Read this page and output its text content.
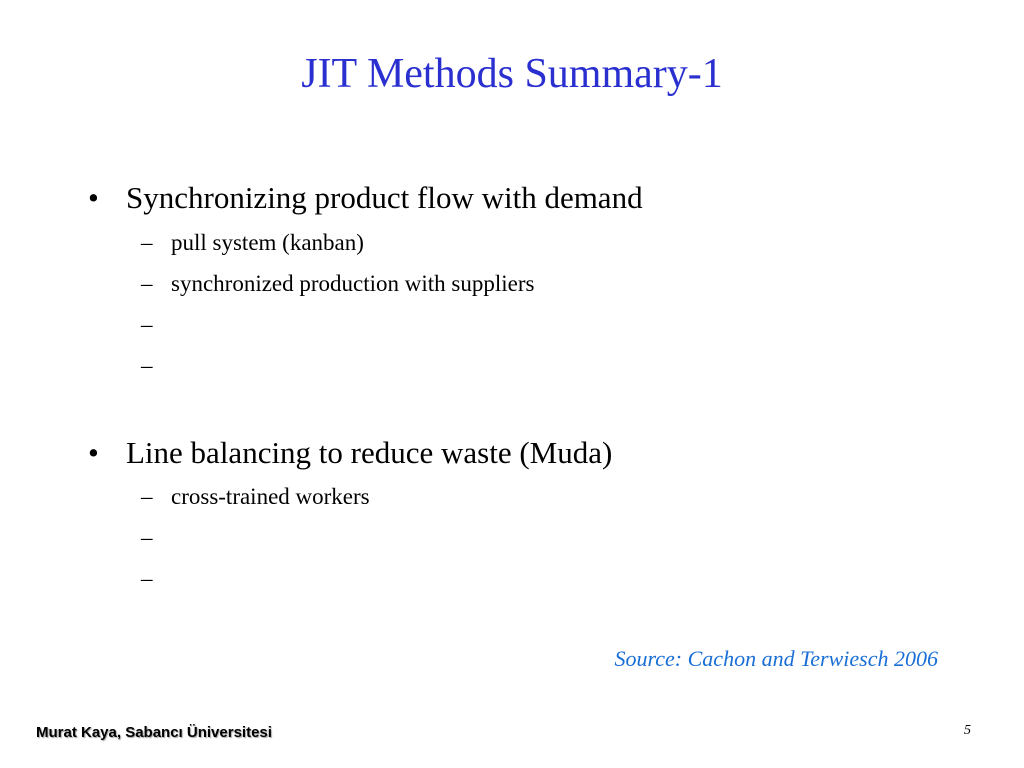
JIT Methods Summary-1
• Synchronizing product flow with demand
– pull system (kanban)
– synchronized production with suppliers
–
–
• Line balancing to reduce waste (Muda)
– cross-trained workers
–
–
Source: Cachon and Terwiesch 2006
Murat Kaya, Sabancı Üniversitesi	5
